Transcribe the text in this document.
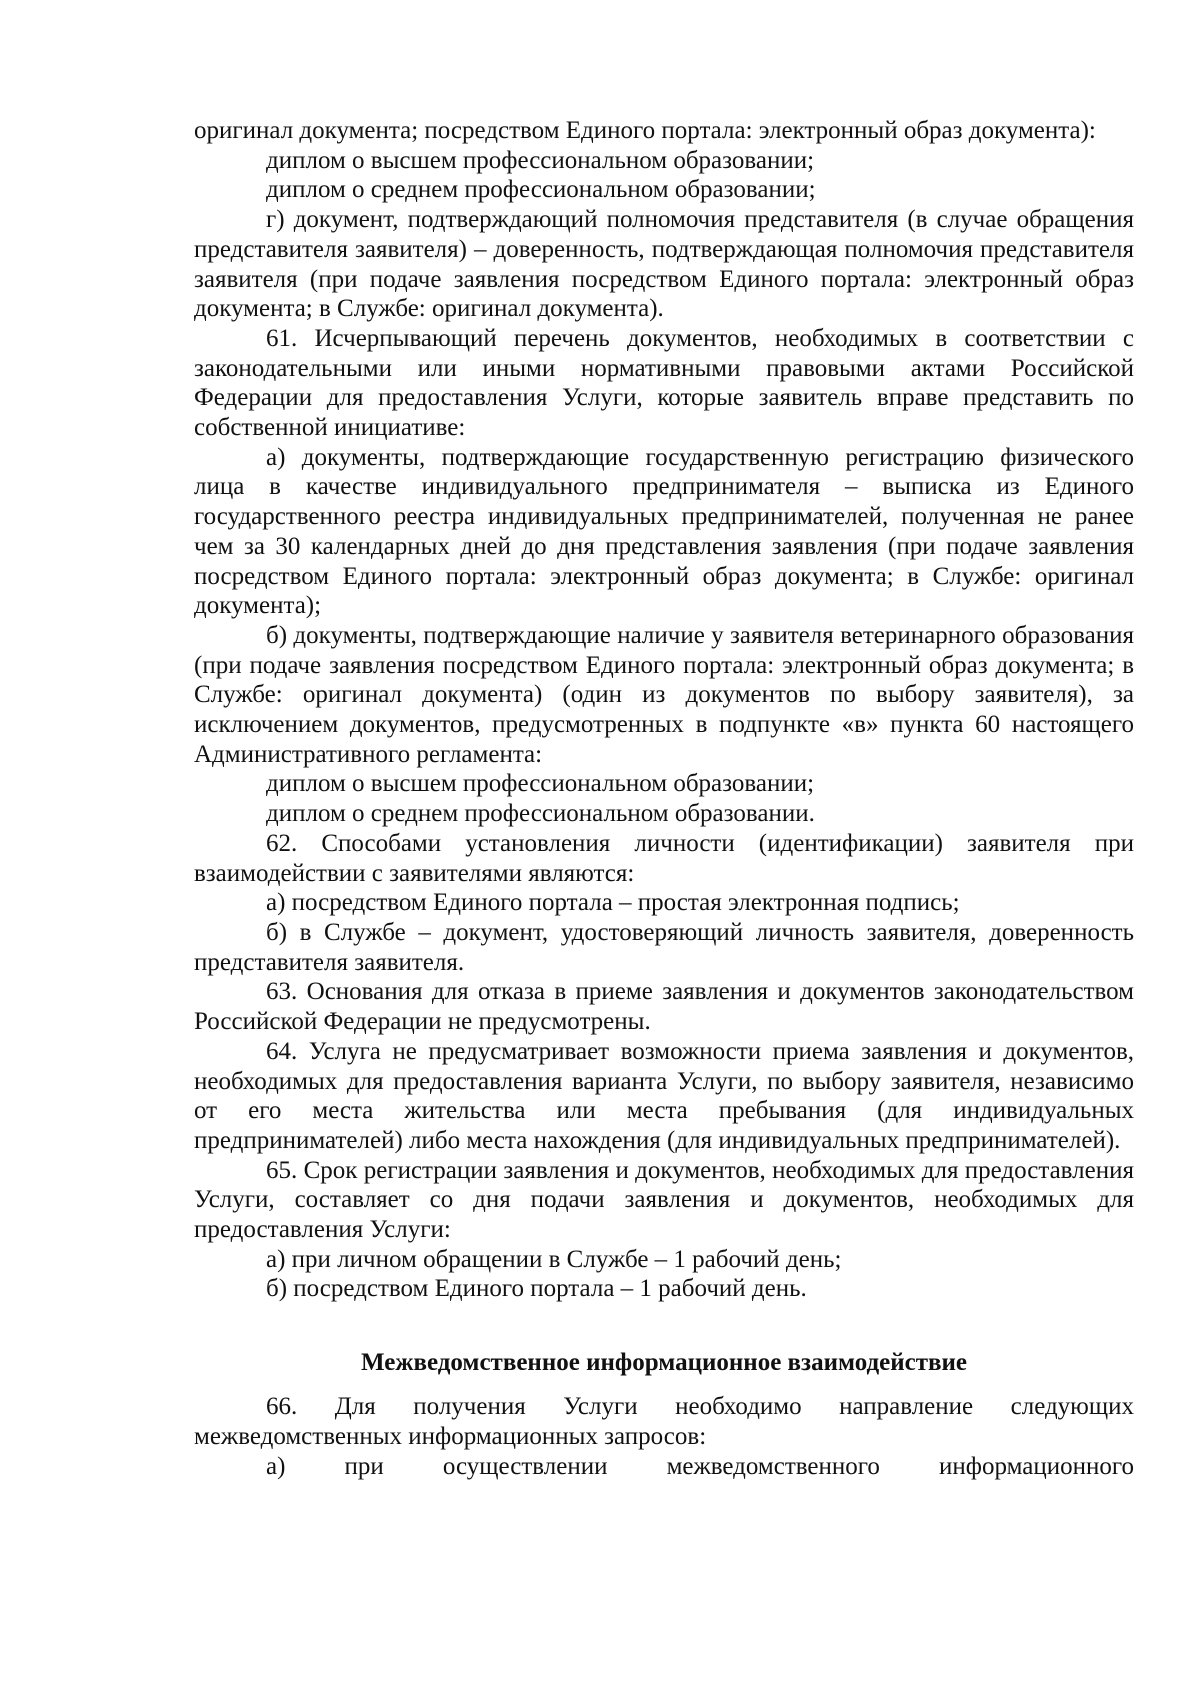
оригинал документа; посредством Единого портала: электронный образ документа):

диплом о высшем профессиональном образовании;

диплом о среднем профессиональном образовании;

г) документ, подтверждающий полномочия представителя (в случае обращения представителя заявителя) – доверенность, подтверждающая полномочия представителя заявителя (при подаче заявления посредством Единого портала: электронный образ документа; в Службе: оригинал документа).

61. Исчерпывающий перечень документов, необходимых в соответствии с законодательными или иными нормативными правовыми актами Российской Федерации для предоставления Услуги, которые заявитель вправе представить по собственной инициативе:

а) документы, подтверждающие государственную регистрацию физического лица в качестве индивидуального предпринимателя – выписка из Единого государственного реестра индивидуальных предпринимателей, полученная не ранее чем за 30 календарных дней до дня представления заявления (при подаче заявления посредством Единого портала: электронный образ документа; в Службе: оригинал документа);

б) документы, подтверждающие наличие у заявителя ветеринарного образования (при подаче заявления посредством Единого портала: электронный образ документа; в Службе: оригинал документа) (один из документов по выбору заявителя), за исключением документов, предусмотренных в подпункте «в» пункта 60 настоящего Административного регламента:

диплом о высшем профессиональном образовании;

диплом о среднем профессиональном образовании.

62. Способами установления личности (идентификации) заявителя при взаимодействии с заявителями являются:

а) посредством Единого портала – простая электронная подпись;

б) в Службе – документ, удостоверяющий личность заявителя, доверенность представителя заявителя.

63. Основания для отказа в приеме заявления и документов законодательством Российской Федерации не предусмотрены.

64. Услуга не предусматривает возможности приема заявления и документов, необходимых для предоставления варианта Услуги, по выбору заявителя, независимо от его места жительства или места пребывания (для индивидуальных предпринимателей) либо места нахождения (для индивидуальных предпринимателей).

65. Срок регистрации заявления и документов, необходимых для предоставления Услуги, составляет со дня подачи заявления и документов, необходимых для предоставления Услуги:

а) при личном обращении в Службе – 1 рабочий день;

б) посредством Единого портала – 1 рабочий день.

Межведомственное информационное взаимодействие

66. Для получения Услуги необходимо направление следующих межведомственных информационных запросов:

а) при осуществлении межведомственного информационного
